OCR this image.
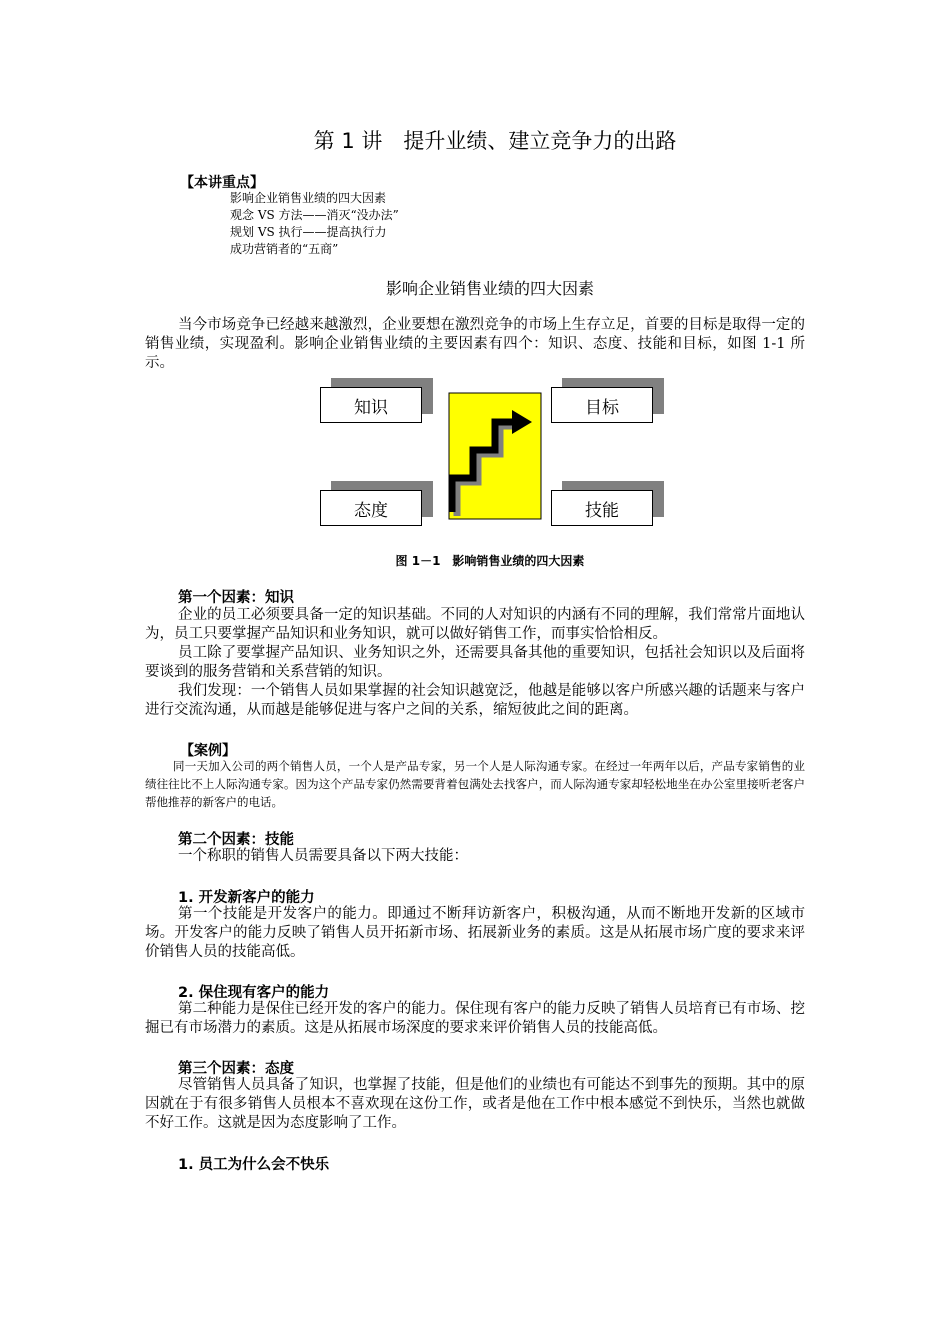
第 1 讲　提升业绩、建立竞争力的出路
【本讲重点】
影响企业销售业绩的四大因素
观念 VS 方法——消灭“没办法”
规划 VS 执行——提高执行力
成功营销者的“五商”
影响企业销售业绩的四大因素

当今市场竞争已经越来越激烈，企业要想在激烈竞争的市场上生存立足，首要的目标是取得一定的销售业绩，实现盈利。影响企业销售业绩的主要因素有四个：知识、态度、技能和目标，如图 1-1 所示。

知识	目标
态度	技能
图 1－1　影响销售业绩的四大因素
第一个因素：知识

企业的员工必须要具备一定的知识基础。不同的人对知识的内涵有不同的理解，我们常常片面地认为，员工只要掌握产品知识和业务知识，就可以做好销售工作，而事实恰恰相反。

员工除了要掌握产品知识、业务知识之外，还需要具备其他的重要知识，包括社会知识以及后面将要谈到的服务营销和关系营销的知识。

我们发现：一个销售人员如果掌握的社会知识越宽泛，他越是能够以客户所感兴趣的话题来与客户进行交流沟通，从而越是能够促进与客户之间的关系，缩短彼此之间的距离。

【案例】

同一天加入公司的两个销售人员，一个人是产品专家，另一个人是人际沟通专家。在经过一年两年以后，产品专家销售的业绩往往比不上人际沟通专家。因为这个产品专家仍然需要背着包满处去找客户，而人际沟通专家却轻松地坐在办公室里接听老客户帮他推荐的新客户的电话。

第二个因素：技能

一个称职的销售人员需要具备以下两大技能：

1. 开发新客户的能力

第一个技能是开发客户的能力。即通过不断拜访新客户，积极沟通，从而不断地开发新的区域市场。开发客户的能力反映了销售人员开拓新市场、拓展新业务的素质。这是从拓展市场广度的要求来评价销售人员的技能高低。

2. 保住现有客户的能力

第二种能力是保住已经开发的客户的能力。保住现有客户的能力反映了销售人员培育已有市场、挖掘已有市场潜力的素质。这是从拓展市场深度的要求来评价销售人员的技能高低。

第三个因素：态度

尽管销售人员具备了知识，也掌握了技能，但是他们的业绩也有可能达不到事先的预期。其中的原因就在于有很多销售人员根本不喜欢现在这份工作，或者是他在工作中根本感觉不到快乐，当然也就做不好工作。这就是因为态度影响了工作。

1. 员工为什么会不快乐
